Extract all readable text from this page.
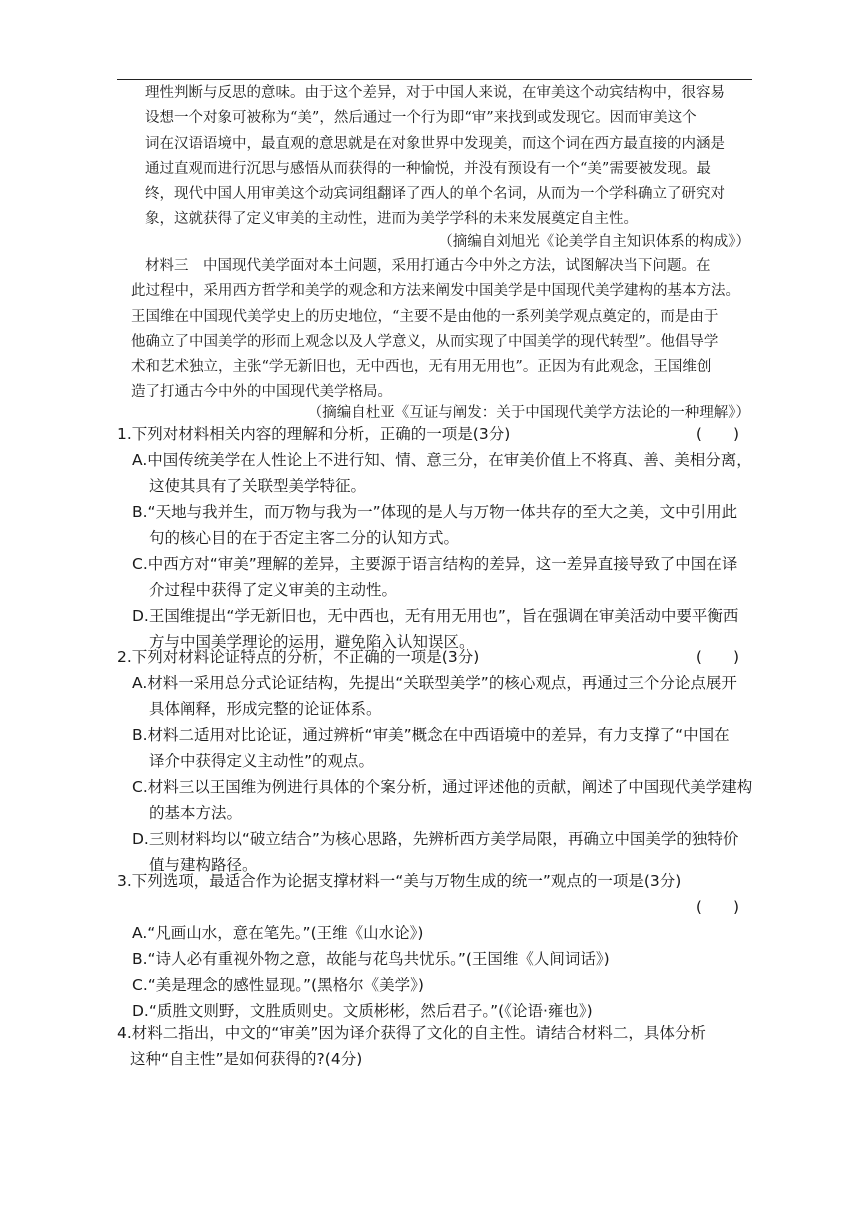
理性判断与反思的意味。由于这个差异，对于中国人来说，在审美这个动宾结构中，很容易
设想一个对象可被称为“美”，然后通过一个行为即“审”来找到或发现它。因而审美这个
词在汉语语境中，最直观的意思就是在对象世界中发现美，而这个词在西方最直接的内涵是
通过直观而进行沉思与感悟从而获得的一种愉悦，并没有预设有一个“美”需要被发现。最
终，现代中国人用审美这个动宾词组翻译了西人的单个名词，从而为一个学科确立了研究对
象，这就获得了定义审美的主动性，进而为美学学科的未来发展奠定自主性。
（摘编自刘旭光《论美学自主知识体系的构成》）
材料三　中国现代美学面对本土问题，采用打通古今中外之方法，试图解决当下问题。在
此过程中，采用西方哲学和美学的观念和方法来阐发中国美学是中国现代美学建构的基本方法。
王国维在中国现代美学史上的历史地位，“主要不是由他的一系列美学观点奠定的，而是由于
他确立了中国美学的形而上观念以及人学意义，从而实现了中国美学的现代转型”。他倡导学
术和艺术独立，主张“学无新旧也，无中西也，无有用无用也”。正因为有此观念，王国维创
造了打通古今中外的中国现代美学格局。
（摘编自杜亚《互证与阐发：关于中国现代美学方法论的一种理解》）
1.下列对材料相关内容的理解和分析，正确的一项是(3分)	(　　)
A.中国传统美学在人性论上不进行知、情、意三分，在审美价值上不将真、善、美相分离，
这使其具有了关联型美学特征。
B.“天地与我并生，而万物与我为一”体现的是人与万物一体共存的至大之美，文中引用此
句的核心目的在于否定主客二分的认知方式。
C.中西方对“审美”理解的差异，主要源于语言结构的差异，这一差异直接导致了中国在译
介过程中获得了定义审美的主动性。
D.王国维提出“学无新旧也，无中西也，无有用无用也”，旨在强调在审美活动中要平衡西
方与中国美学理论的运用，避免陷入认知误区。
2.下列对材料论证特点的分析，不正确的一项是(3分)	(　　)
A.材料一采用总分式论证结构，先提出“关联型美学”的核心观点，再通过三个分论点展开
具体阐释，形成完整的论证体系。
B.材料二适用对比论证，通过辨析“审美”概念在中西语境中的差异，有力支撑了“中国在
译介中获得定义主动性”的观点。
C.材料三以王国维为例进行具体的个案分析，通过评述他的贡献，阐述了中国现代美学建构
的基本方法。
D.三则材料均以“破立结合”为核心思路，先辨析西方美学局限，再确立中国美学的独特价
值与建构路径。
3.下列选项，最适合作为论据支撑材料一“美与万物生成的统一”观点的一项是(3分)
(　　)
A.“凡画山水，意在笔先。”(王维《山水论》)
B.“诗人必有重视外物之意，故能与花鸟共忧乐。”(王国维《人间词话》)
C.“美是理念的感性显现。”(黑格尔《美学》)
D.“质胜文则野，文胜质则史。文质彬彬，然后君子。”(《论语·雍也》)
4.材料二指出，中文的“审美”因为译介获得了文化的自主性。请结合材料二，具体分析
这种“自主性”是如何获得的?(4分)
